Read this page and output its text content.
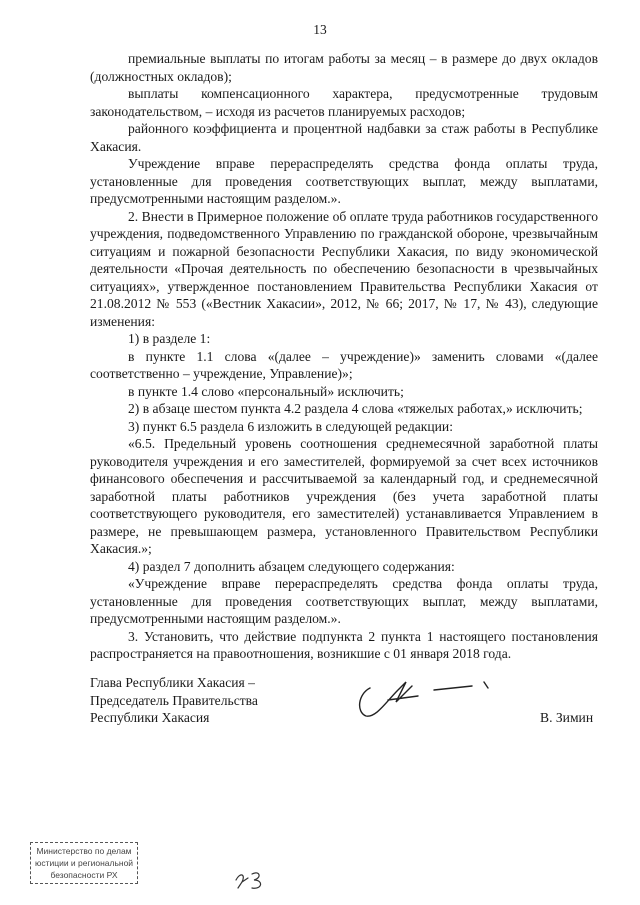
13

премиальные выплаты по итогам работы за месяц – в размере до двух окладов (должностных окладов);

выплаты компенсационного характера, предусмотренные трудовым законодательством, – исходя из расчетов планируемых расходов;

районного коэффициента и процентной надбавки за стаж работы в Республике Хакасия.

Учреждение вправе перераспределять средства фонда оплаты труда, установленные для проведения соответствующих выплат, между выплатами, предусмотренными настоящим разделом.».

2. Внести в Примерное положение об оплате труда работников государственного учреждения, подведомственного Управлению по гражданской обороне, чрезвычайным ситуациям и пожарной безопасности Республики Хакасия, по виду экономической деятельности «Прочая деятельность по обеспечению безопасности в чрезвычайных ситуациях», утвержденное постановлением Правительства Республики Хакасия от 21.08.2012 № 553 («Вестник Хакасии», 2012, № 66; 2017, № 17, № 43), следующие изменения:

1) в разделе 1:

в пункте 1.1 слова «(далее – учреждение)» заменить словами «(далее соответственно – учреждение, Управление)»;

в пункте 1.4 слово «персональный» исключить;

2) в абзаце шестом пункта 4.2 раздела 4 слова «тяжелых работах,» исключить;

3) пункт 6.5 раздела 6 изложить в следующей редакции:

«6.5. Предельный уровень соотношения среднемесячной заработной платы руководителя учреждения и его заместителей, формируемой за счет всех источников финансового обеспечения и рассчитываемой за календарный год, и среднемесячной заработной платы работников учреждения (без учета заработной платы соответствующего руководителя, его заместителей) устанавливается Управлением в размере, не превышающем размера, установленного Правительством Республики Хакасия.»;

4) раздел 7 дополнить абзацем следующего содержания:

«Учреждение вправе перераспределять средства фонда оплаты труда, установленные для проведения соответствующих выплат, между выплатами, предусмотренными настоящим разделом.».

3. Установить, что действие подпункта 2 пункта 1 настоящего постановления распространяется на правоотношения, возникшие с 01 января 2018 года.

Глава Республики Хакасия –
Председатель Правительства
Республики Хакасия	В. Зимин
Министерство по делам
юстиции и региональной
безопасности РХ
